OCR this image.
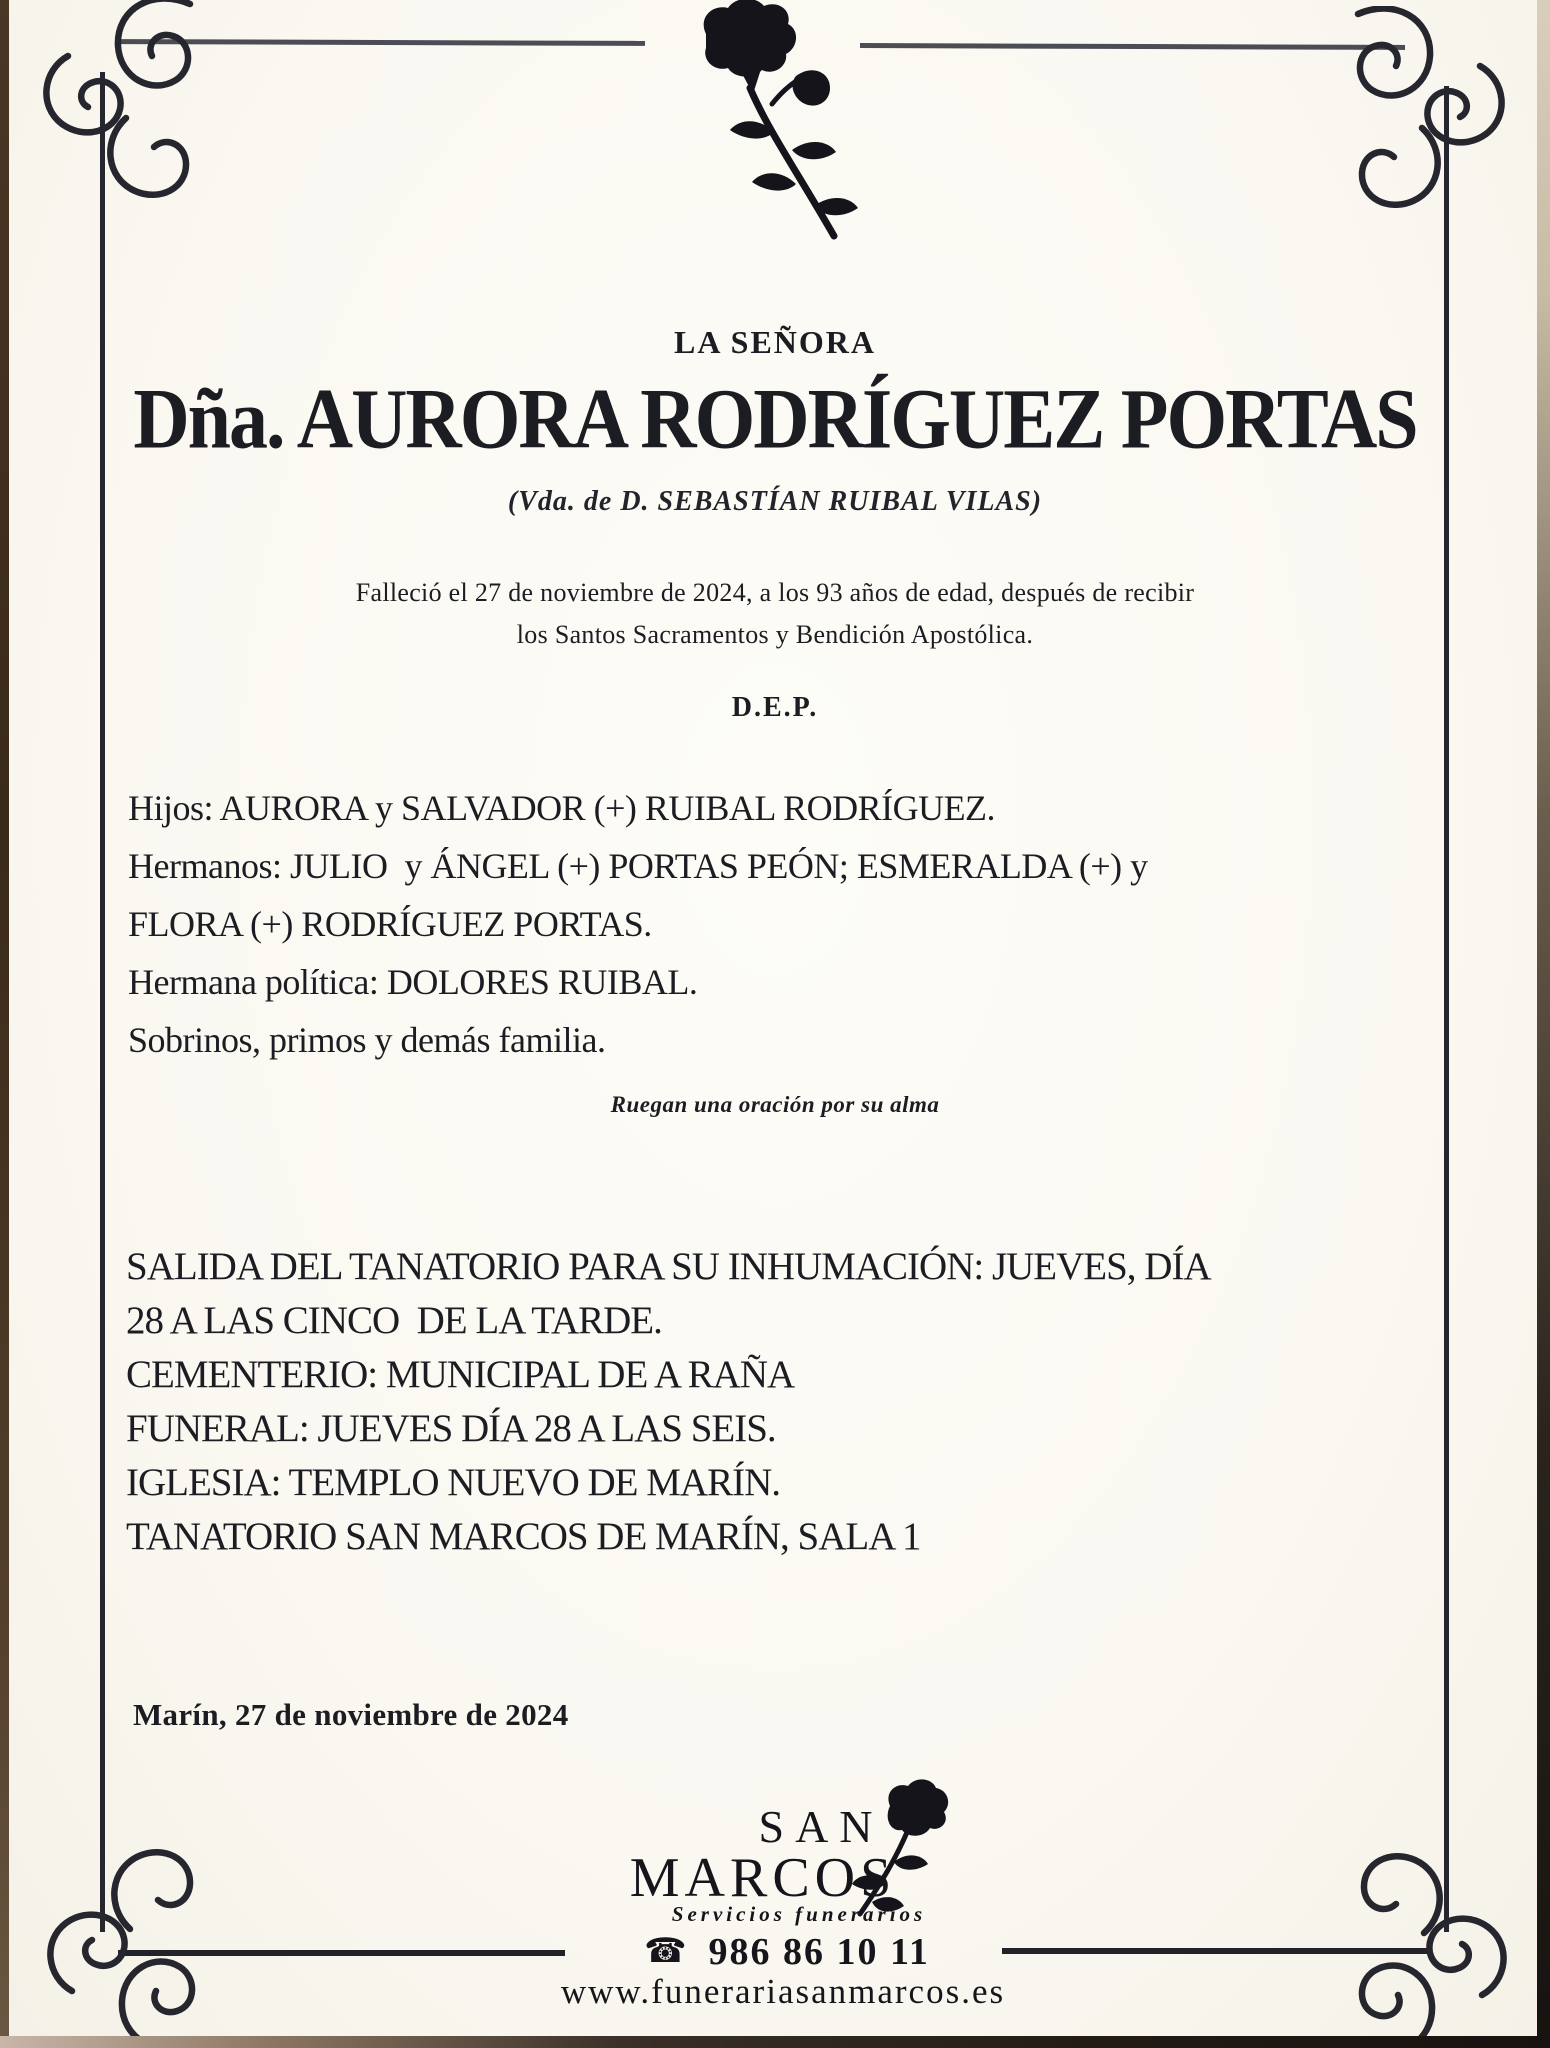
LA SEÑORA
Dña. AURORA RODRÍGUEZ PORTAS
(Vda. de D. SEBASTÍAN RUIBAL VILAS)
Falleció el 27 de noviembre de 2024, a los 93 años de edad, después de recibir
los Santos Sacramentos y Bendición Apostólica.
D.E.P.
Hijos: AURORA y SALVADOR (+) RUIBAL RODRÍGUEZ.
Hermanos: JULIO  y ÁNGEL (+) PORTAS PEÓN; ESMERALDA (+) y
FLORA (+) RODRÍGUEZ PORTAS.
Hermana política: DOLORES RUIBAL.
Sobrinos, primos y demás familia.
Ruegan una oración por su alma
SALIDA DEL TANATORIO PARA SU INHUMACIÓN: JUEVES, DÍA
28 A LAS CINCO  DE LA TARDE.
CEMENTERIO: MUNICIPAL DE A RAÑA
FUNERAL: JUEVES DÍA 28 A LAS SEIS.
IGLESIA: TEMPLO NUEVO DE MARÍN.
TANATORIO SAN MARCOS DE MARÍN, SALA 1
Marín, 27 de noviembre de 2024
SAN
MARCOS
Servicios funerarios
☎ 986 86 10 11
www.funerariasanmarcos.es
